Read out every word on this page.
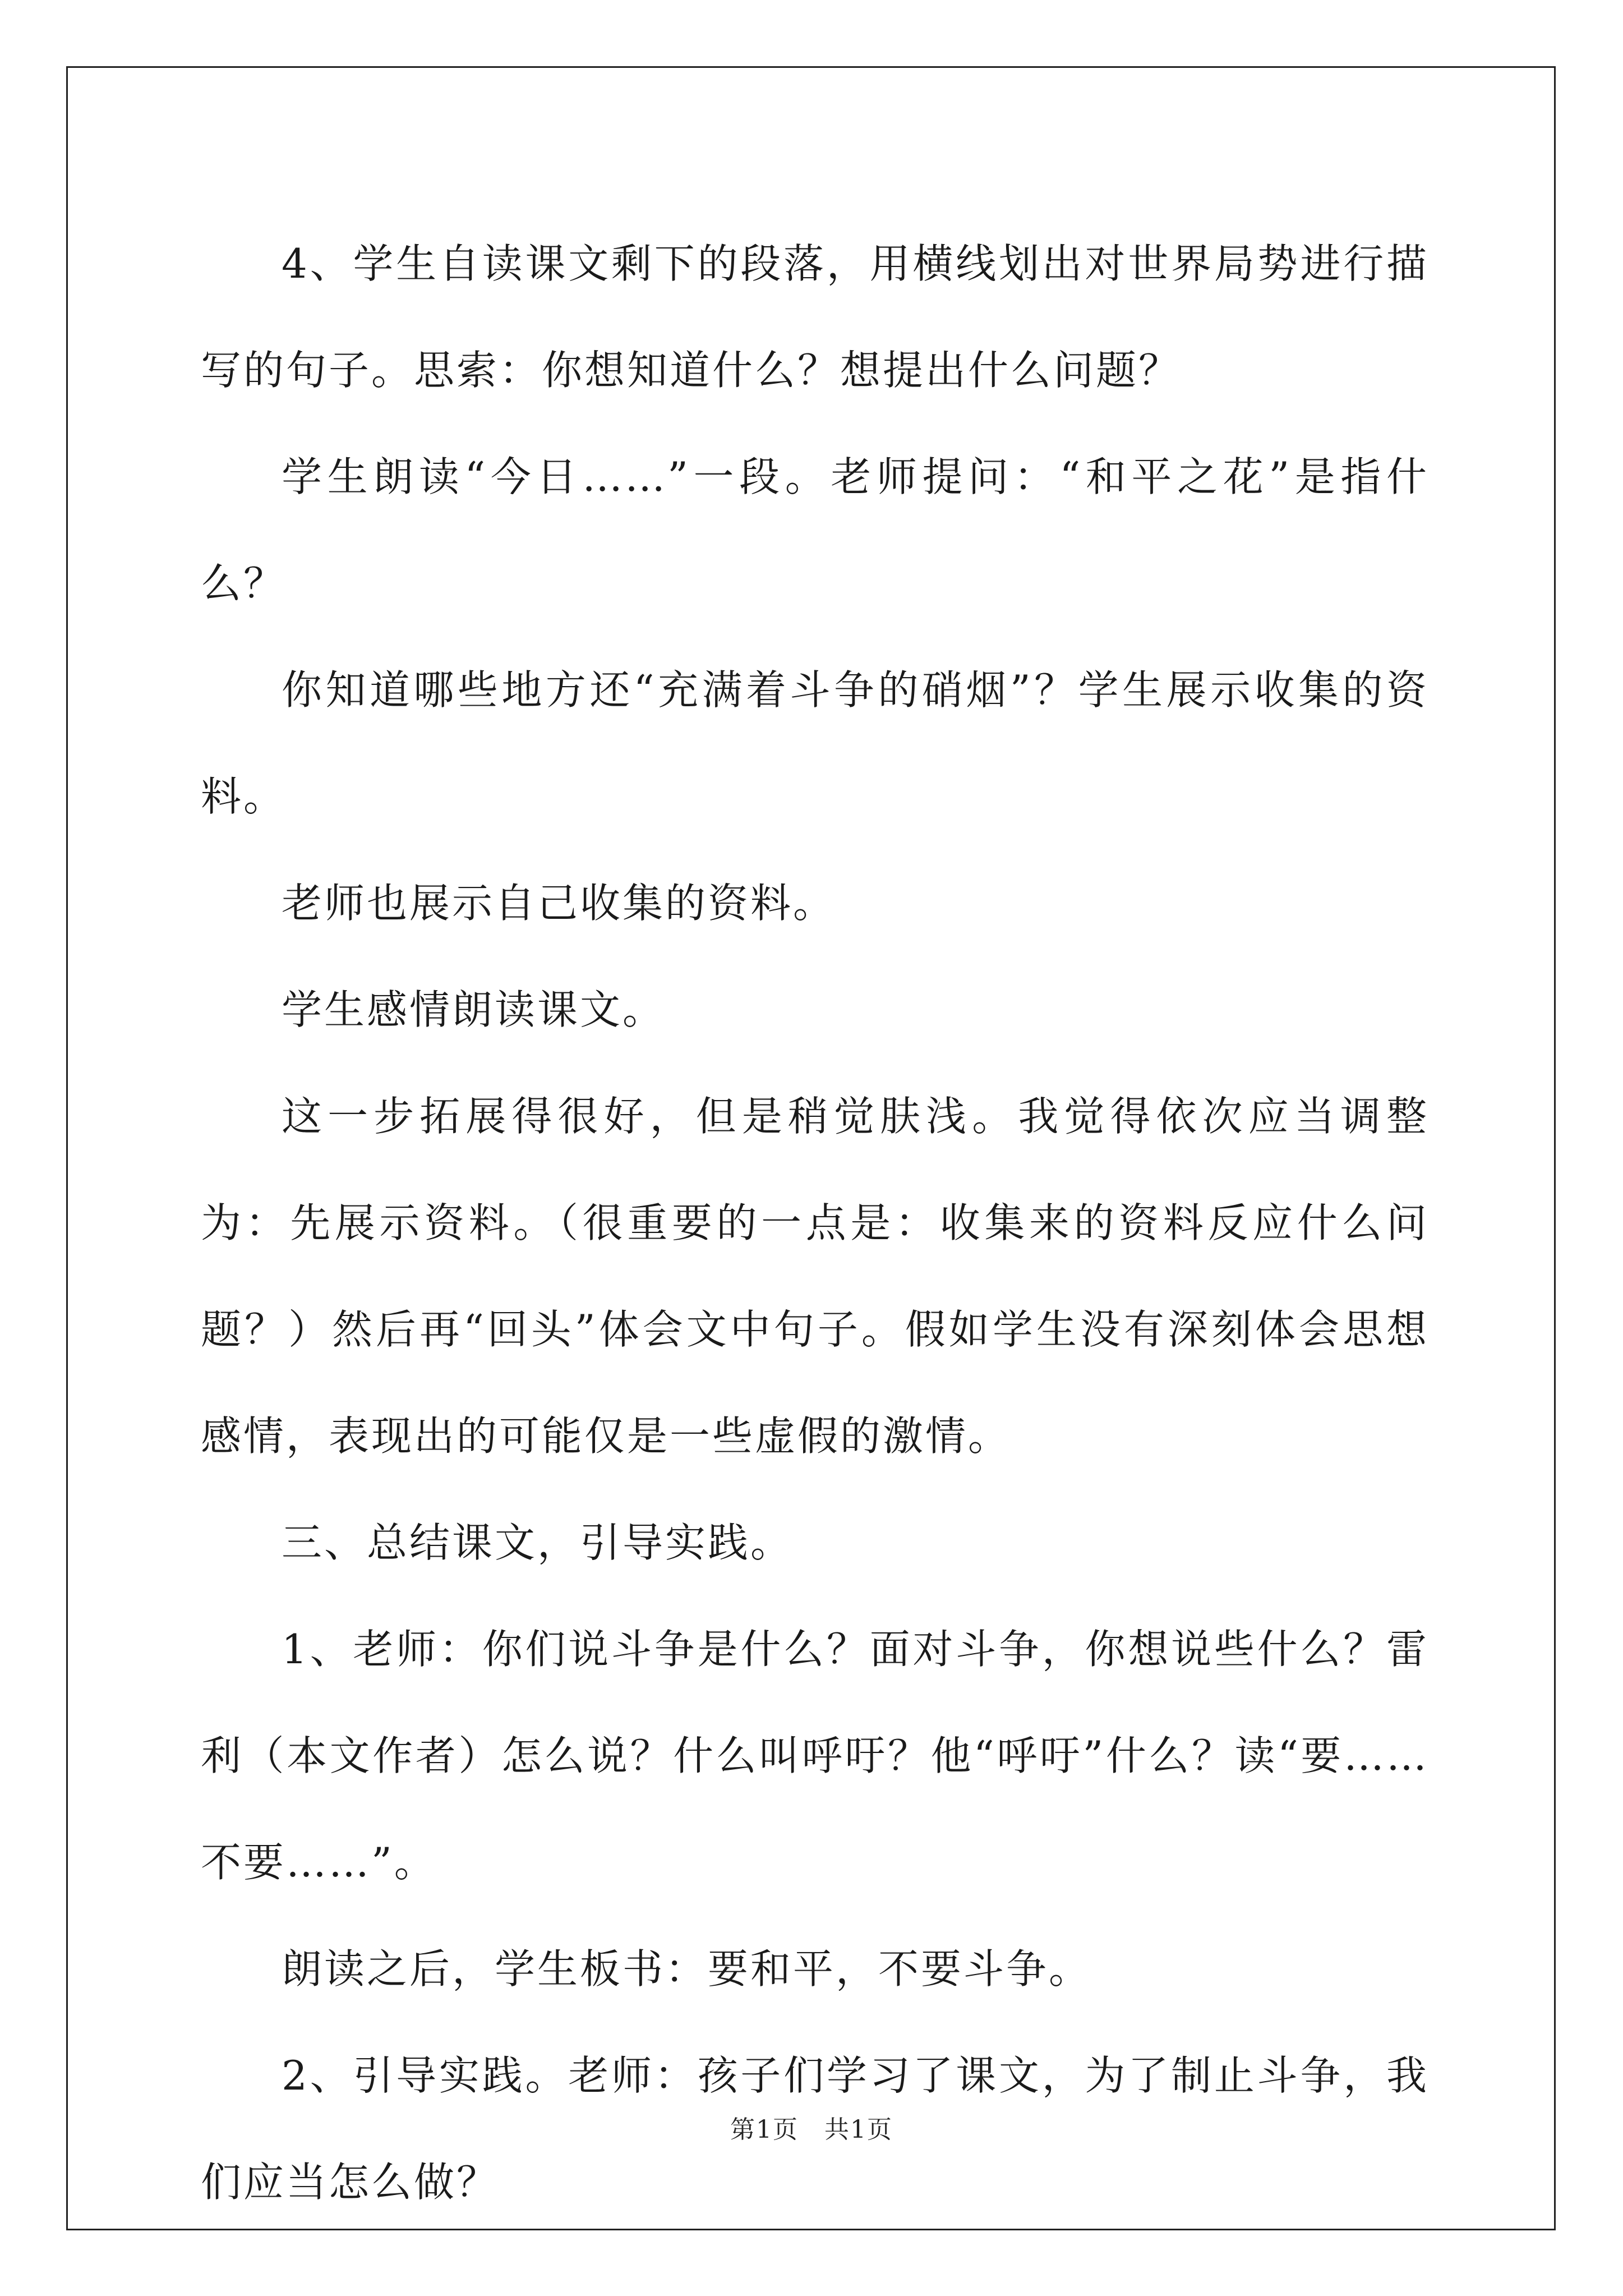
4、学生自读课文剩下的段落，用横线划出对世界局势进行描写的句子。思索：你想知道什么？想提出什么问题？

学生朗读“今日……”一段。老师提问：“和平之花”是指什么？

你知道哪些地方还“充满着斗争的硝烟”？学生展示收集的资料。

老师也展示自己收集的资料。

学生感情朗读课文。

这一步拓展得很好，但是稍觉肤浅。我觉得依次应当调整为：先展示资料。（很重要的一点是：收集来的资料反应什么问题？）然后再“回头”体会文中句子。假如学生没有深刻体会思想感情，表现出的可能仅是一些虚假的激情。

三、总结课文，引导实践。

1、老师：你们说斗争是什么？面对斗争，你想说些什么？雷利（本文作者）怎么说？什么叫呼吁？他“呼吁”什么？读“要……不要……”。

朗读之后，学生板书：要和平，不要斗争。

2、引导实践。老师：孩子们学习了课文，为了制止斗争，我们应当怎么做？

第1页　共1页
